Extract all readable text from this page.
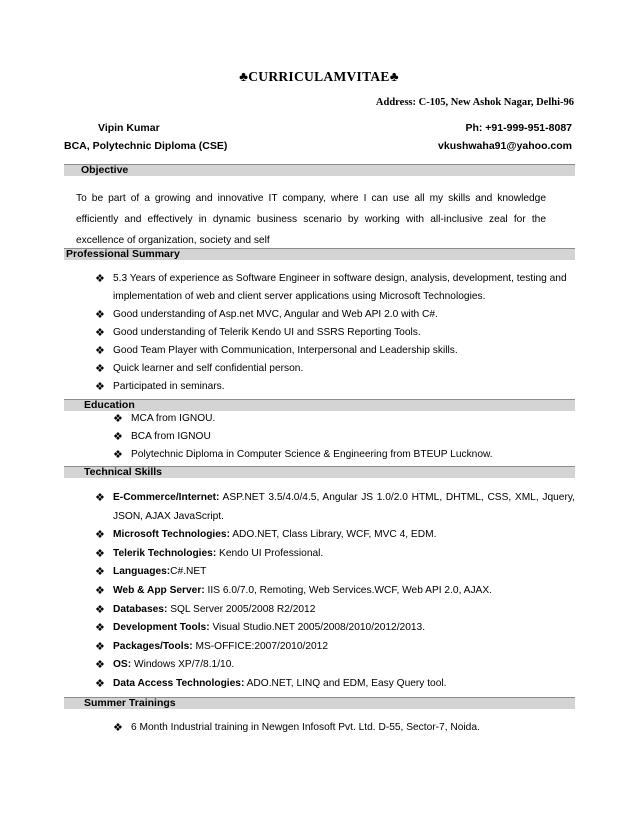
♣CURRICULAMVITAE♣
Address: C-105, New Ashok Nagar, Delhi-96
Vipin Kumar	Ph: +91-999-951-8087
BCA, Polytechnic Diploma (CSE)	vkushwaha91@yahoo.com
Objective
To be part of a growing and innovative IT company, where I can use all my skills and knowledge efficiently and effectively in dynamic business scenario by working with all-inclusive zeal for the excellence of organization, society and self
Professional Summary
❖ 5.3 Years of experience as Software Engineer in software design, analysis, development, testing and implementation of web and client server applications using Microsoft Technologies.
❖ Good understanding of Asp.net MVC, Angular and Web API 2.0 with C#.
❖ Good understanding of Telerik Kendo UI and SSRS Reporting Tools.
❖ Good Team Player with Communication, Interpersonal and Leadership skills.
❖ Quick learner and self confidential person.
❖ Participated in seminars.
Education
❖ MCA from IGNOU.
❖ BCA from IGNOU
❖ Polytechnic Diploma in Computer Science & Engineering from BTEUP Lucknow.
Technical Skills
❖ E-Commerce/Internet: ASP.NET 3.5/4.0/4.5, Angular JS 1.0/2.0 HTML, DHTML, CSS, XML, Jquery, JSON, AJAX JavaScript.
❖ Microsoft Technologies: ADO.NET, Class Library, WCF, MVC 4, EDM.
❖ Telerik Technologies: Kendo UI Professional.
❖ Languages:C#.NET
❖ Web & App Server: IIS 6.0/7.0, Remoting, Web Services.WCF, Web API 2.0, AJAX.
❖ Databases: SQL Server 2005/2008 R2/2012
❖ Development Tools: Visual Studio.NET 2005/2008/2010/2012/2013.
❖ Packages/Tools: MS-OFFICE:2007/2010/2012
❖ OS: Windows XP/7/8.1/10.
❖ Data Access Technologies: ADO.NET, LINQ and EDM, Easy Query tool.
Summer Trainings
❖ 6 Month Industrial training in Newgen Infosoft Pvt. Ltd. D-55, Sector-7, Noida.
